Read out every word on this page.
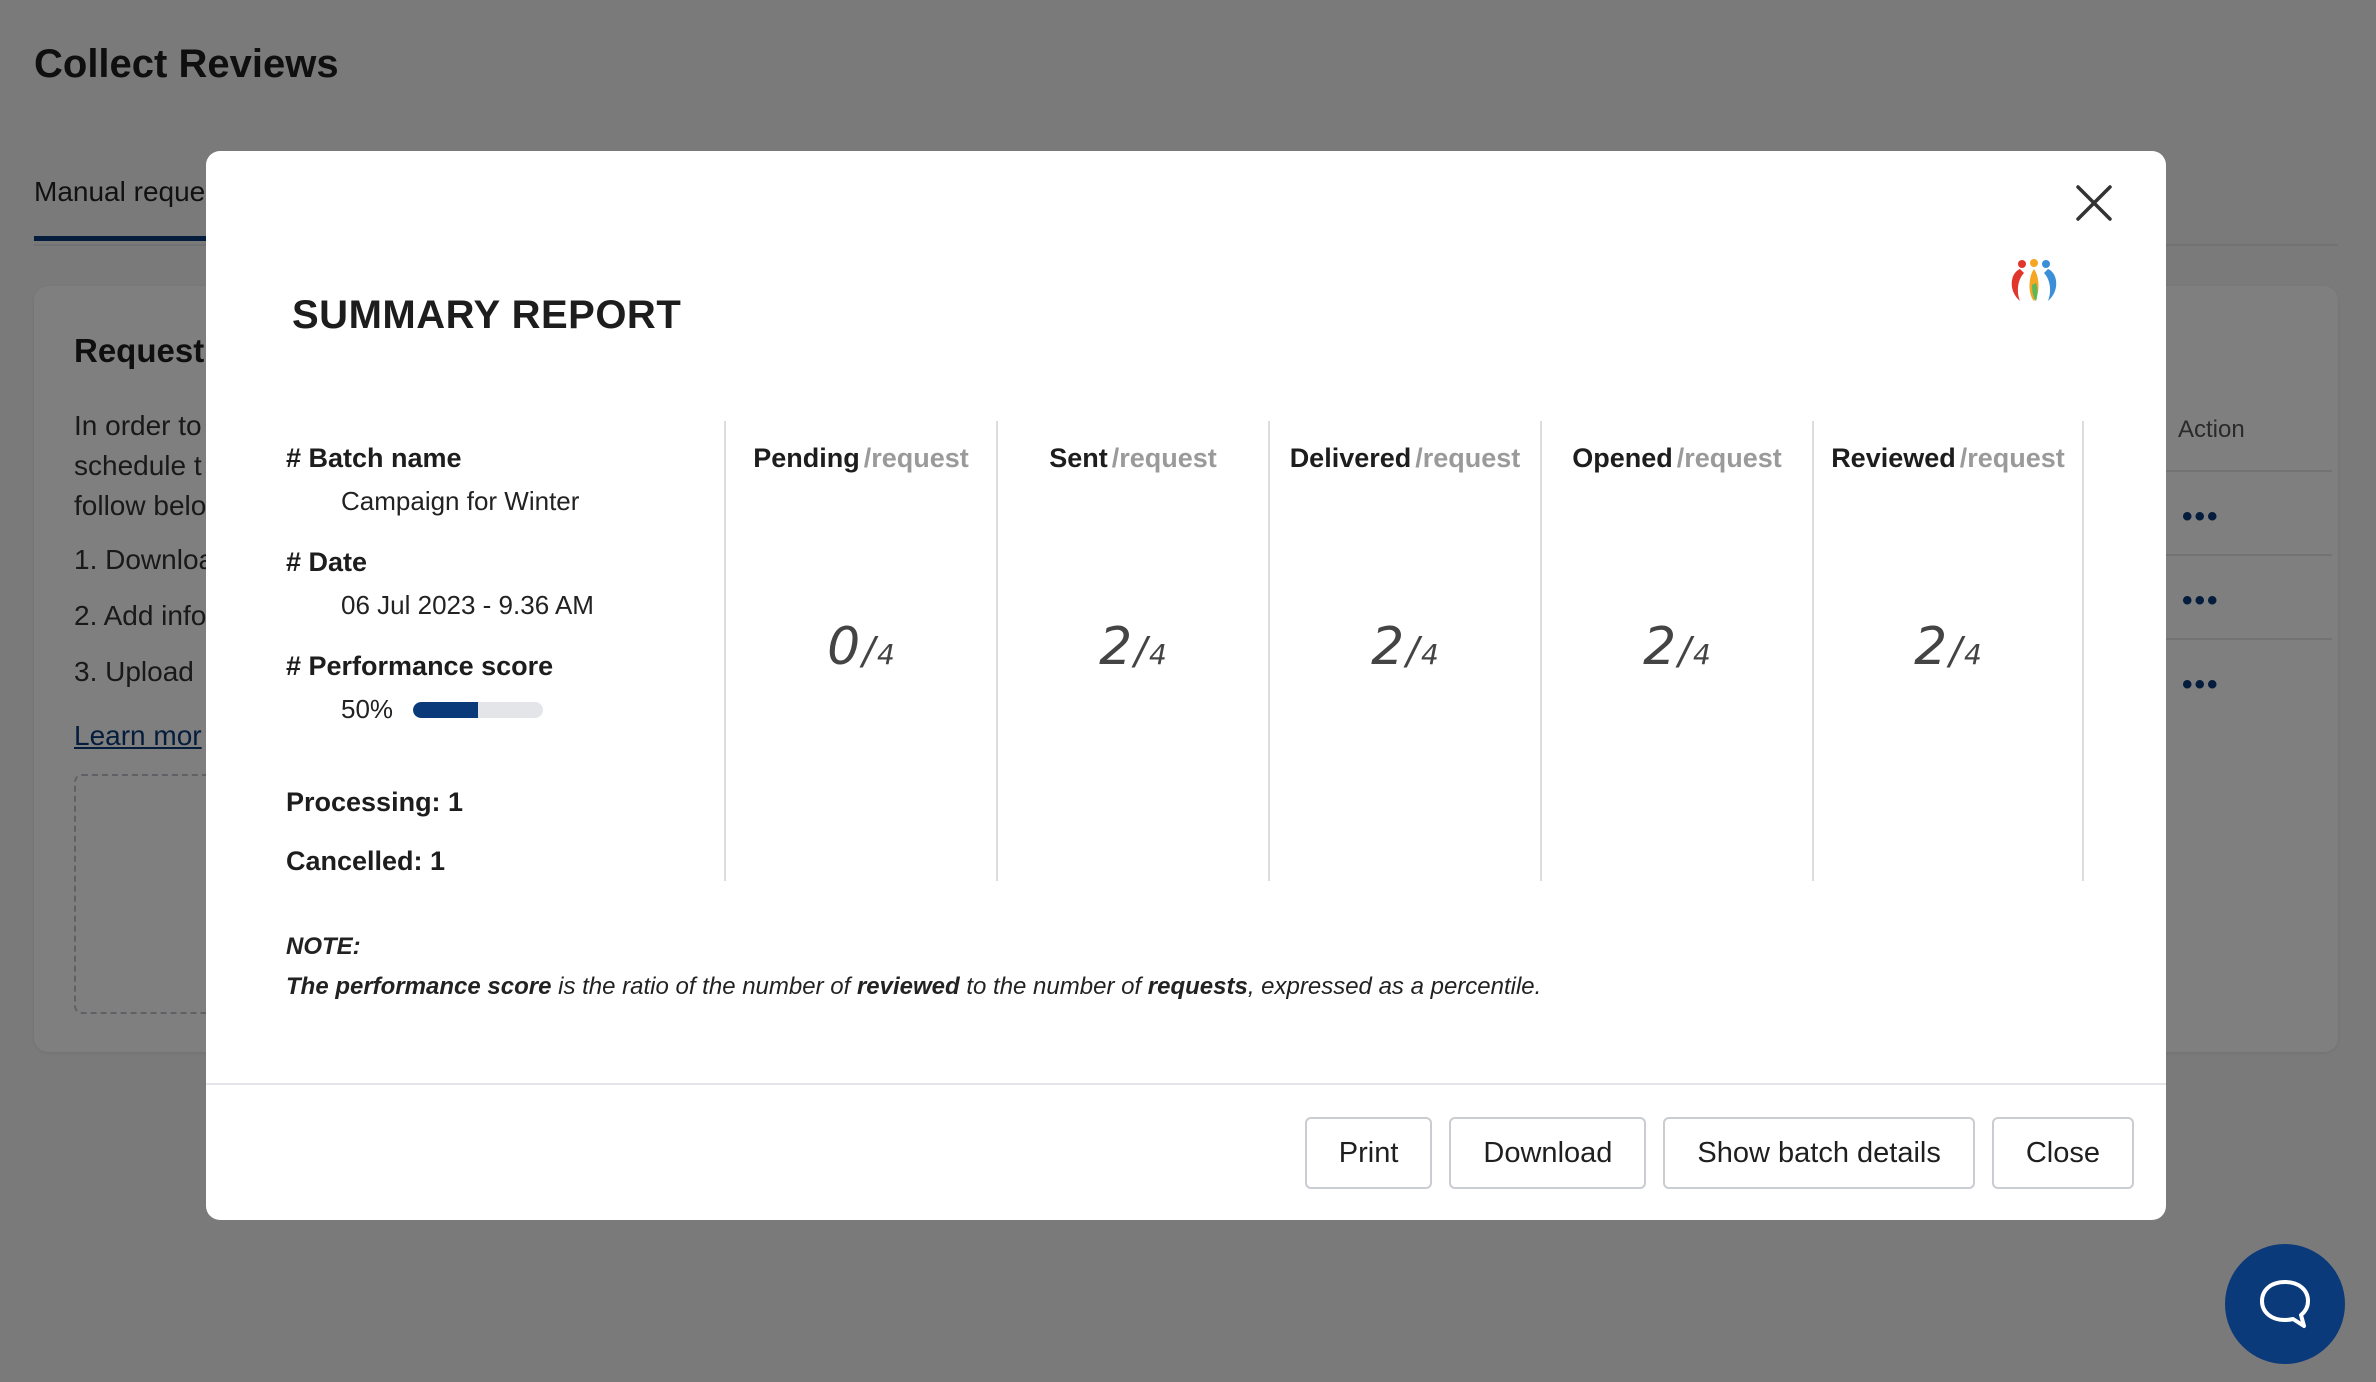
SUMMARY REPORT
# Batch name
Campaign for Winter
# Date
06 Jul 2023 - 9.36 AM
# Performance score
50%
Processing: 1
Cancelled: 1
Pending /request
0/4
Sent /request
2/4
Delivered /request
2/4
Opened /request
2/4
Reviewed /request
2/4
NOTE:
The performance score is the ratio of the number of reviewed to the number of requests, expressed as a percentile.
Print	Download	Show batch details	Close
